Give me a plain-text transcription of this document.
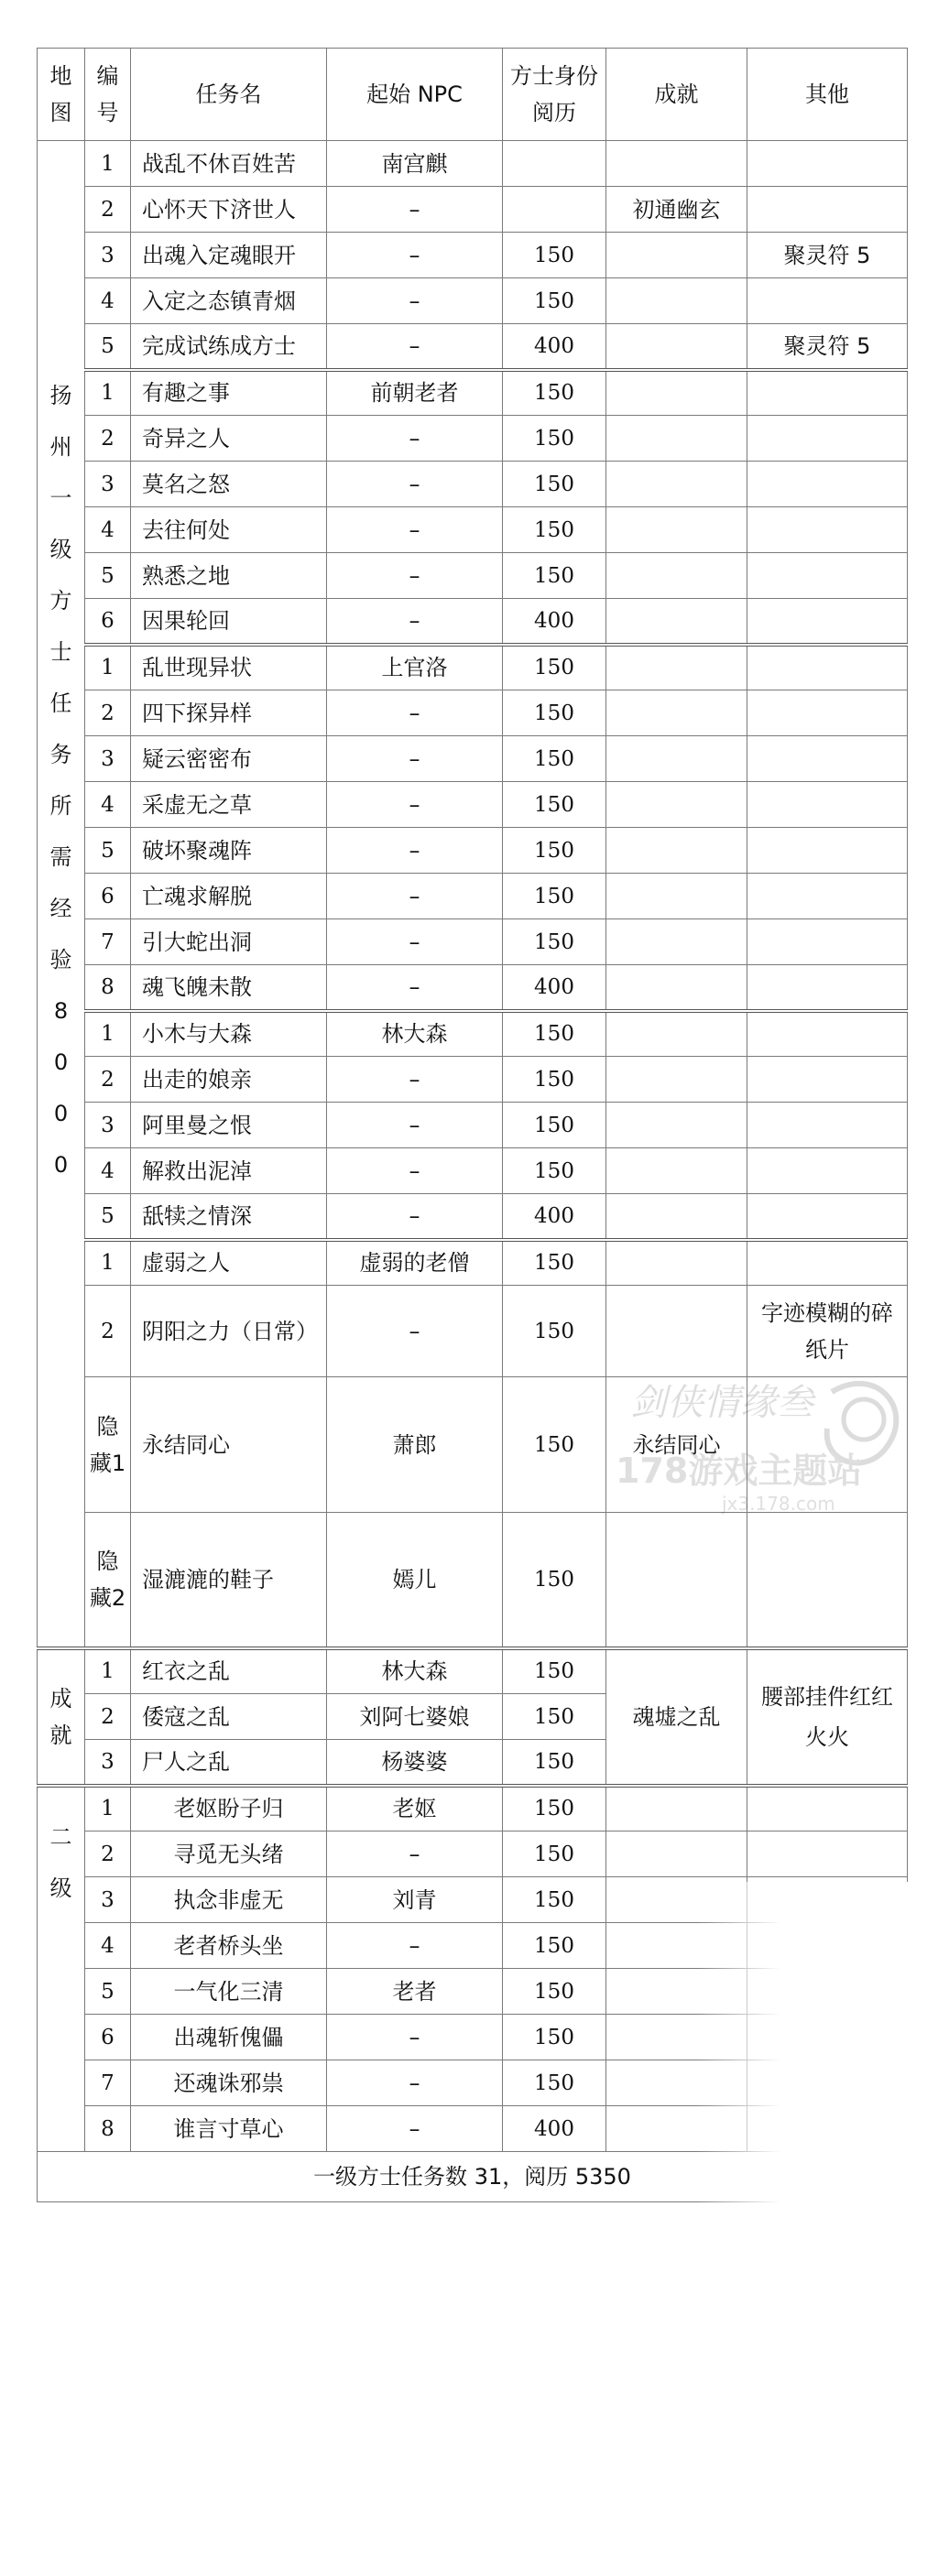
地图	编号	任务名	起始 NPC	方士身份阅历	成就	其他

扬州一级方士任务所需经验8000	1	战乱不休百姓苦	南宫麒			
	2	心怀天下济世人	–		初通幽玄	
	3	出魂入定魂眼开	–	150		聚灵符 5
	4	入定之态镇青烟	–	150		
	5	完成试练成方士	–	400		聚灵符 5
	1	有趣之事	前朝老者	150		
	2	奇异之人	–	150		
	3	莫名之怒	–	150		
	4	去往何处	–	150		
	5	熟悉之地	–	150		
	6	因果轮回	–	400		
	1	乱世现异状	上官洛	150		
	2	四下探异样	–	150		
	3	疑云密密布	–	150		
	4	采虚无之草	–	150		
	5	破坏聚魂阵	–	150		
	6	亡魂求解脱	–	150		
	7	引大蛇出洞	–	150		
	8	魂飞魄未散	–	400		
	1	小木与大森	林大森	150		
	2	出走的娘亲	–	150		
	3	阿里曼之恨	–	150		
	4	解救出泥淖	–	150		
	5	舐犊之情深	–	400		
	1	虚弱之人	虚弱的老僧	150		
	2	阴阳之力（日常）	–	150		字迹模糊的碎纸片
	隐藏1	永结同心	萧郎	150	永结同心	
	隐藏2	湿漉漉的鞋子	嫣儿	150		

成就	1	红衣之乱	林大森	150	魂墟之乱	腰部挂件红红火火
	2	倭寇之乱	刘阿七婆娘	150		
	3	尸人之乱	杨婆婆	150		

二级	1	老妪盼子归	老妪	150		
	2	寻觅无头绪	–	150		
	3	执念非虚无	刘青	150		
	4	老者桥头坐	–	150		
	5	一气化三清	老者	150		
	6	出魂斩傀儡	–	150		
	7	还魂诛邪祟	–	150		
	8	谁言寸草心	–	400		
一级方士任务数 31，阅历 5350						
剑侠情缘叁
178游戏主题站
jx3.178.com
